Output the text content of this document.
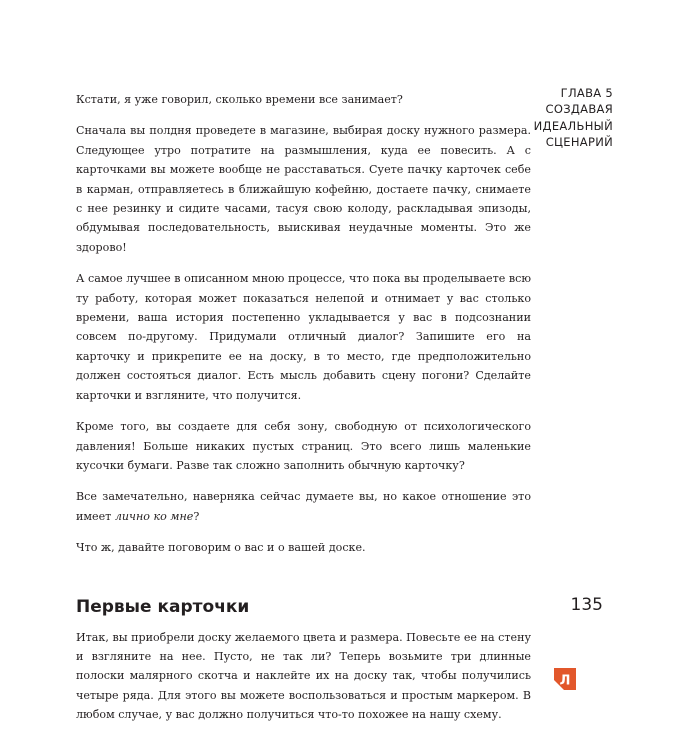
ГЛАВА 5
СОЗДАВАЯ
ИДЕАЛЬНЫЙ
СЦЕНАРИЙ

Кстати, я уже говорил, сколько времени все занимает?

Сначала вы полдня проведете в магазине, выбирая доску нужного размера. Следующее утро потратите на размышления, куда ее повесить. А с карточками вы можете вообще не расставаться. Суете пачку карточек себе в карман, отправляетесь в ближайшую кофейню, достаете пачку, снимаете с нее резинку и сидите часами, тасуя свою колоду, раскладывая эпизоды, обдумывая последовательность, выискивая неудачные моменты. Это же здорово!

А самое лучшее в описанном мною процессе, что пока вы проделываете всю ту работу, которая может показаться нелепой и отнимает у вас столько времени, ваша история постепенно укладывается у вас в подсознании совсем по-другому. Придумали отличный диалог? Запишите его на карточку и прикрепите ее на доску, в то место, где предположительно должен состояться диалог. Есть мысль добавить сцену погони? Сделайте карточки и взгляните, что получится.

Кроме того, вы создаете для себя зону, свободную от психологического давления! Больше никаких пустых страниц. Это всего лишь маленькие кусочки бумаги. Разве так сложно заполнить обычную карточку?

Все замечательно, наверняка сейчас думаете вы, но какое отношение это имеет лично ко мне?

Что ж, давайте поговорим о вас и о вашей доске.

Первые карточки

Итак, вы приобрели доску желаемого цвета и размера. Повесьте ее на стену и взгляните на нее. Пусто, не так ли? Теперь возьмите три длинные полоски малярного скотча и наклейте их на доску так, чтобы получились четыре ряда. Для этого вы можете воспользоваться и простым маркером. В любом случае, у вас должно получиться что-то похожее на нашу схему.

135
Л
